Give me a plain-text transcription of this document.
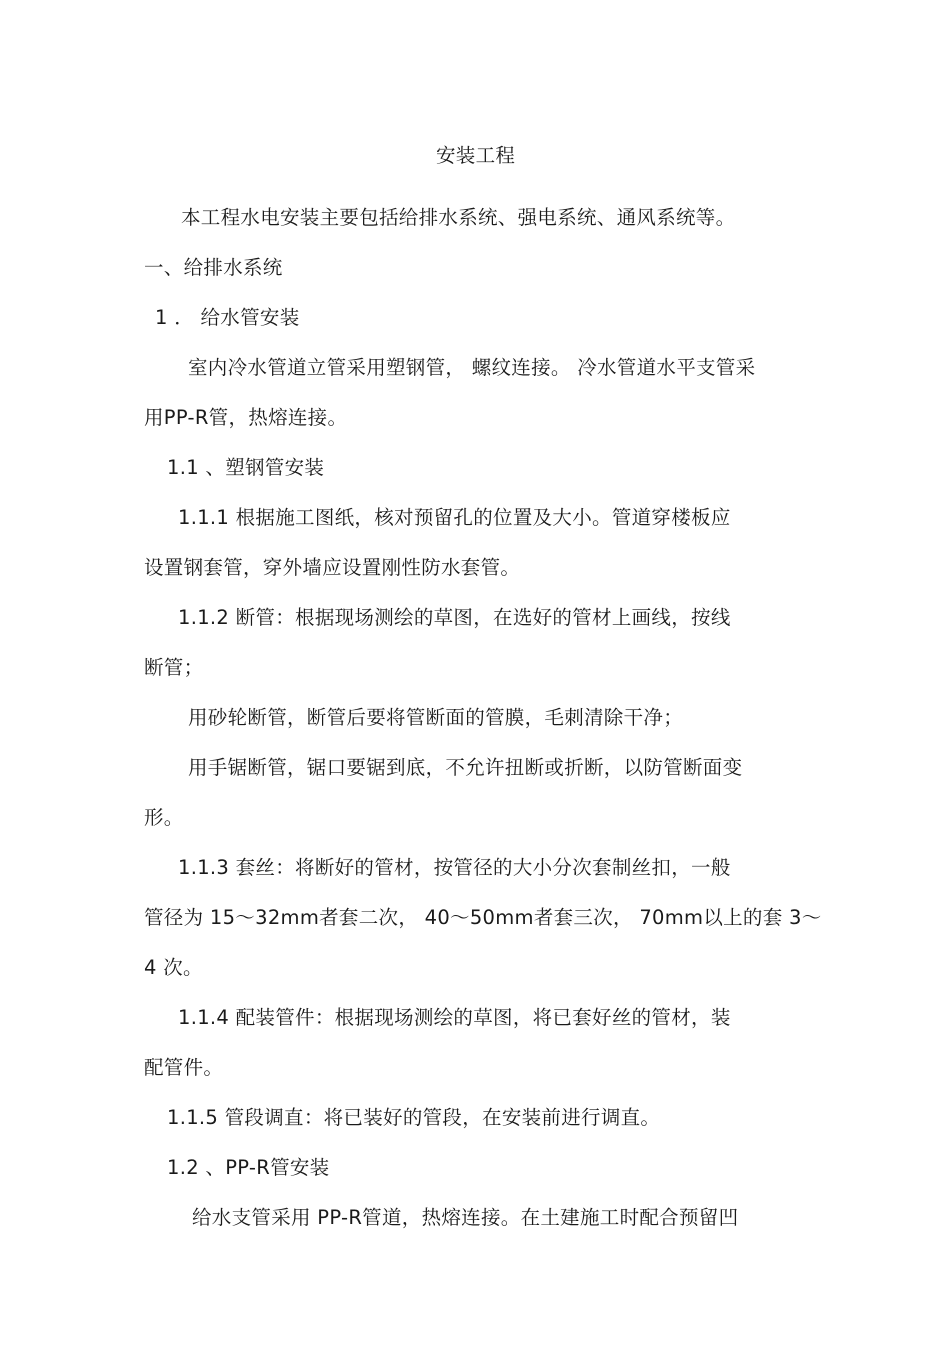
安装工程
本工程水电安装主要包括给排水系统、强电系统、通风系统等。
一、给排水系统
1 ． 给水管安装
室内冷水管道立管采用塑钢管， 螺纹连接。 冷水管道水平支管采
用PP-R管，热熔连接。
1.1 、塑钢管安装
1.1.1 根据施工图纸，核对预留孔的位置及大小。管道穿楼板应
设置钢套管，穿外墙应设置刚性防水套管。
1.1.2 断管：根据现场测绘的草图，在选好的管材上画线，按线
断管；
用砂轮断管，断管后要将管断面的管膜，毛刺清除干净；
用手锯断管，锯口要锯到底，不允许扭断或折断，以防管断面变
形。
1.1.3 套丝：将断好的管材，按管径的大小分次套制丝扣，一般
管径为 15～32mm者套二次， 40～50mm者套三次， 70mm以上的套 3～
4 次。
1.1.4 配装管件：根据现场测绘的草图，将已套好丝的管材，装
配管件。
1.1.5 管段调直：将已装好的管段，在安装前进行调直。
1.2 、PP-R管安装
给水支管采用 PP-R管道，热熔连接。在土建施工时配合预留凹
